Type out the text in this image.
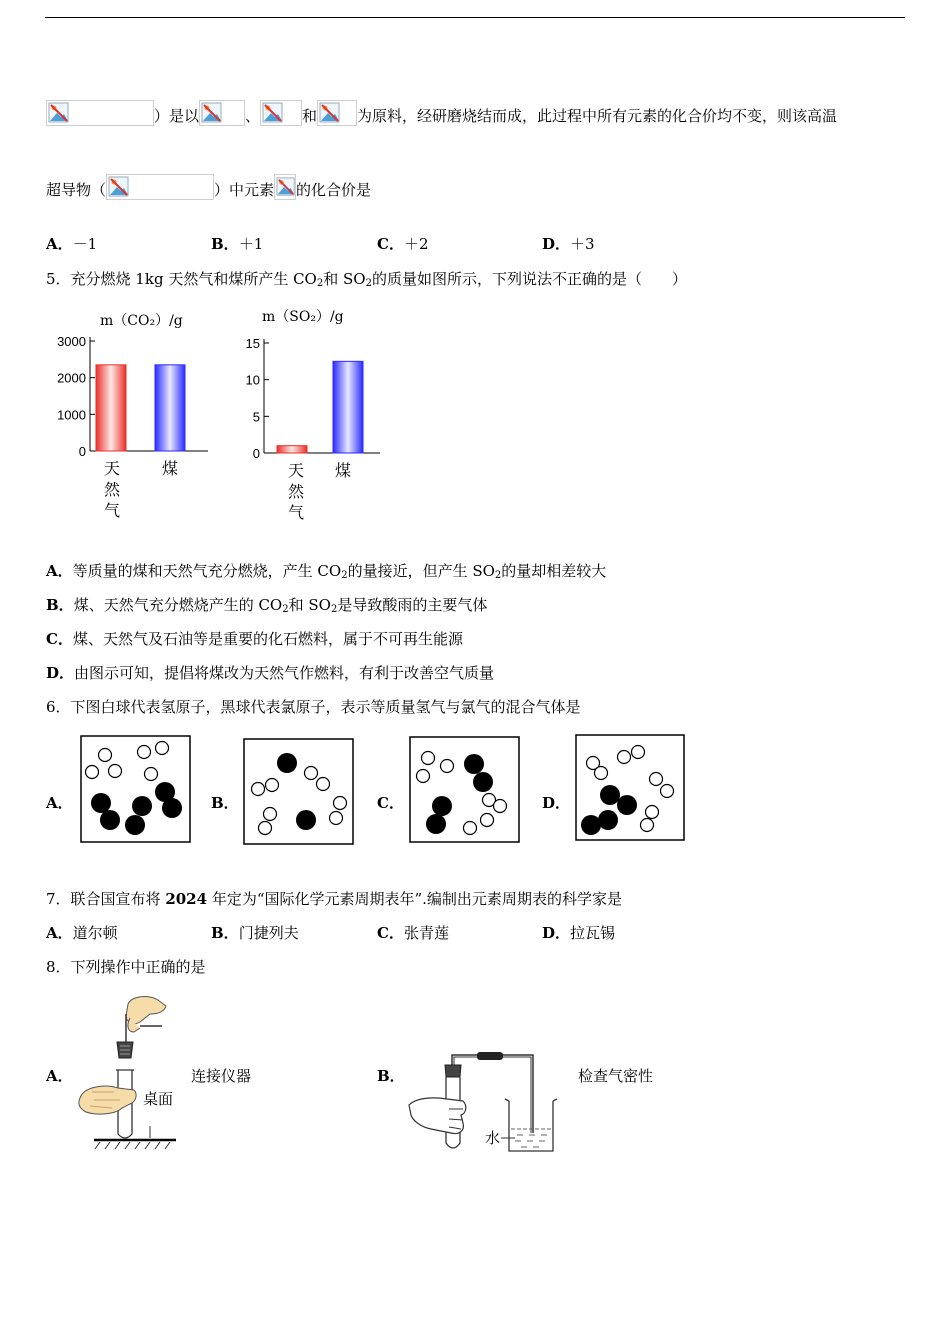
）是以	、	和	为原料，经研磨烧结而成，此过程中所有元素的化合价均不变，则该高温
超导物（	）中元素 的化合价是
A．－1	B．＋1	C．＋2	D．＋3
5．充分燃烧 1kg 天然气和煤所产生 $CO_2$和 $SO_2$的质量如图所示，下列说法不正确的是（　　）
m（CO₂）/g
0
1000
2000
3000
煤
天
然
气
m（SO₂）/g
0
5
10
15
天
然
气
煤
A．等质量的煤和天然气充分燃烧，产生 $CO_2$的量接近，但产生 $SO_2$的量却相差较大
B．煤、天然气充分燃烧产生的 $CO_2$和 $SO_2$是导致酸雨的主要气体
C．煤、天然气及石油等是重要的化石燃料，属于不可再生能源
D．由图示可知，提倡将煤改为天然气作燃料，有利于改善空气质量
6．下图白球代表氢原子，黑球代表氯原子，表示等质量氢气与氯气的混合气体是
A．	B．	C．	D．
7．联合国宣布将 2024 年定为“国际化学元素周期表年”.编制出元素周期表的科学家是
A．道尔顿	B．门捷列夫	C．张青莲	D．拉瓦锡
8．下列操作中正确的是
A．	连接仪器	B．	检查气密性
桌面
水
